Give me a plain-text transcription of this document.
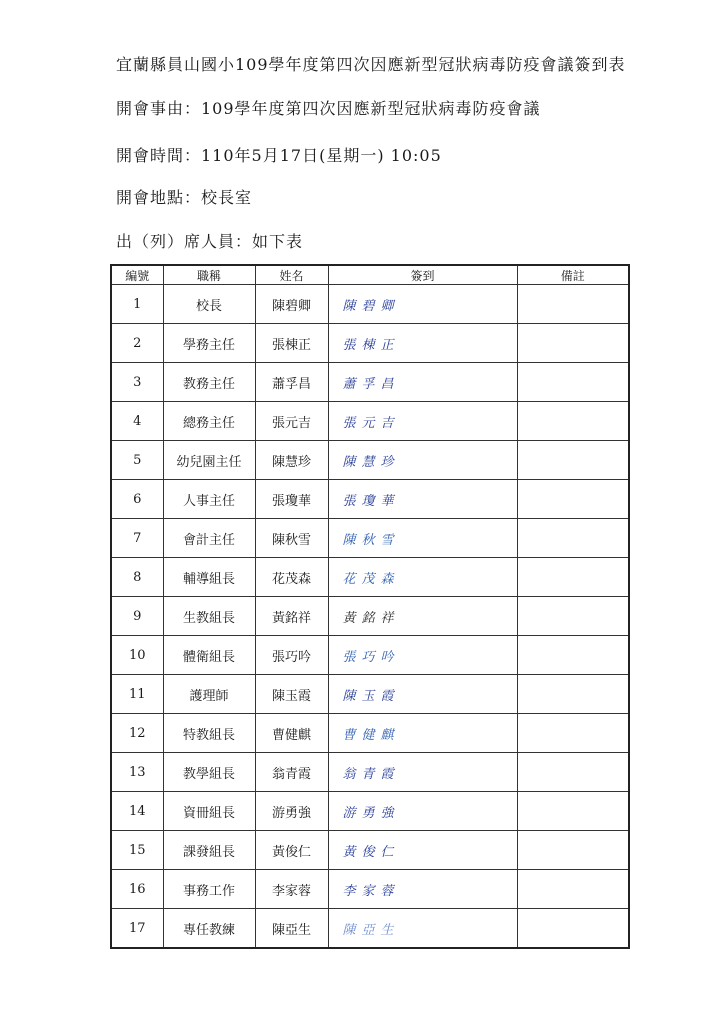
宜蘭縣員山國小109學年度第四次因應新型冠狀病毒防疫會議簽到表
開會事由：109學年度第四次因應新型冠狀病毒防疫會議
開會時間：110年5月17日(星期一) 10:05
開會地點：校長室
出（列）席人員：如下表
編號	職稱	姓名	簽到	備註
1	校長	陳碧卿	陳碧卿	
2	學務主任	張棟正	張棟正	
3	教務主任	蕭孚昌	蕭孚昌	
4	總務主任	張元吉	張元吉	
5	幼兒園主任	陳慧珍	陳慧珍	
6	人事主任	張瓊華	張瓊華	
7	會計主任	陳秋雪	陳秋雪	
8	輔導組長	花茂森	花茂森	
9	生教組長	黃銘祥	黃銘祥	
10	體衛組長	張巧吟	張巧吟	
11	護理師	陳玉霞	陳玉霞	
12	特教組長	曹健麒	曹健麒	
13	教學組長	翁青霞	翁青霞	
14	資冊組長	游勇強	游勇強	
15	課發組長	黃俊仁	黃俊仁	
16	事務工作	李家蓉	李家蓉	
17	專任教練	陳亞生	陳亞生	
